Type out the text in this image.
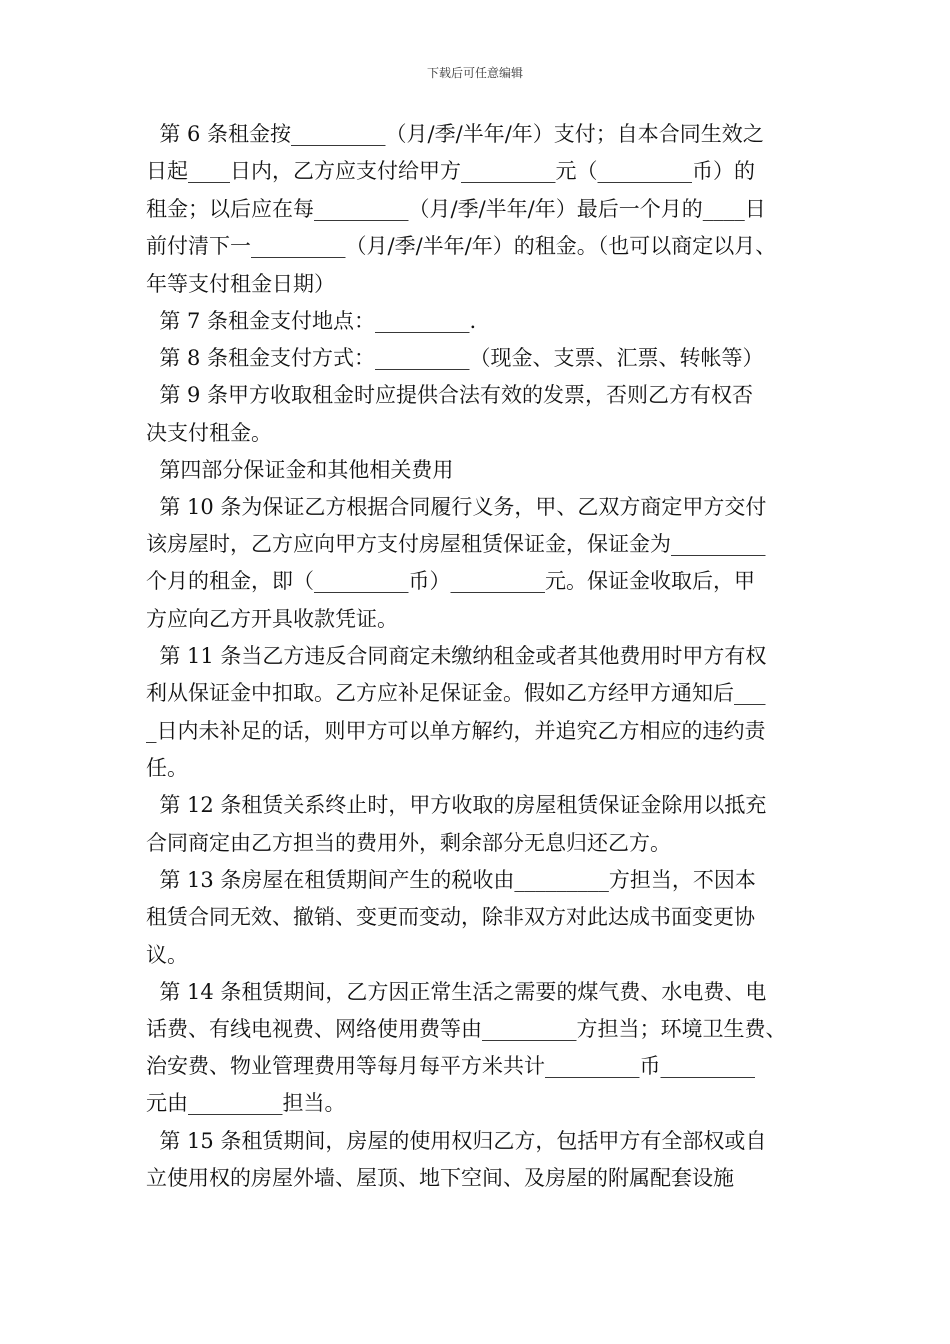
下载后可任意编辑
第 6 条租金按_________（月/季/半年/年）支付；自本合同生效之
日起____日内，乙方应支付给甲方_________元（_________币）的
租金；以后应在每_________（月/季/半年/年）最后一个月的____日
前付清下一_________（月/季/半年/年）的租金。（也可以商定以月、
年等支付租金日期）
第 7 条租金支付地点：_________.
第 8 条租金支付方式：_________（现金、支票、汇票、转帐等）
第 9 条甲方收取租金时应提供合法有效的发票，否则乙方有权否
决支付租金。
第四部分保证金和其他相关费用
第 10 条为保证乙方根据合同履行义务，甲、乙双方商定甲方交付
该房屋时，乙方应向甲方支付房屋租赁保证金，保证金为_________
个月的租金，即（_________币）_________元。保证金收取后，甲
方应向乙方开具收款凭证。
第 11 条当乙方违反合同商定未缴纳租金或者其他费用时甲方有权
利从保证金中扣取。乙方应补足保证金。假如乙方经甲方通知后___
_日内未补足的话，则甲方可以单方解约，并追究乙方相应的违约责
任。
第 12 条租赁关系终止时，甲方收取的房屋租赁保证金除用以抵充
合同商定由乙方担当的费用外，剩余部分无息归还乙方。
第 13 条房屋在租赁期间产生的税收由_________方担当，不因本
租赁合同无效、撤销、变更而变动，除非双方对此达成书面变更协
议。
第 14 条租赁期间，乙方因正常生活之需要的煤气费、水电费、电
话费、有线电视费、网络使用费等由_________方担当；环境卫生费、
治安费、物业管理费用等每月每平方米共计_________币_________
元由_________担当。
第 15 条租赁期间，房屋的使用权归乙方，包括甲方有全部权或自
立使用权的房屋外墙、屋顶、地下空间、及房屋的附属配套设施
